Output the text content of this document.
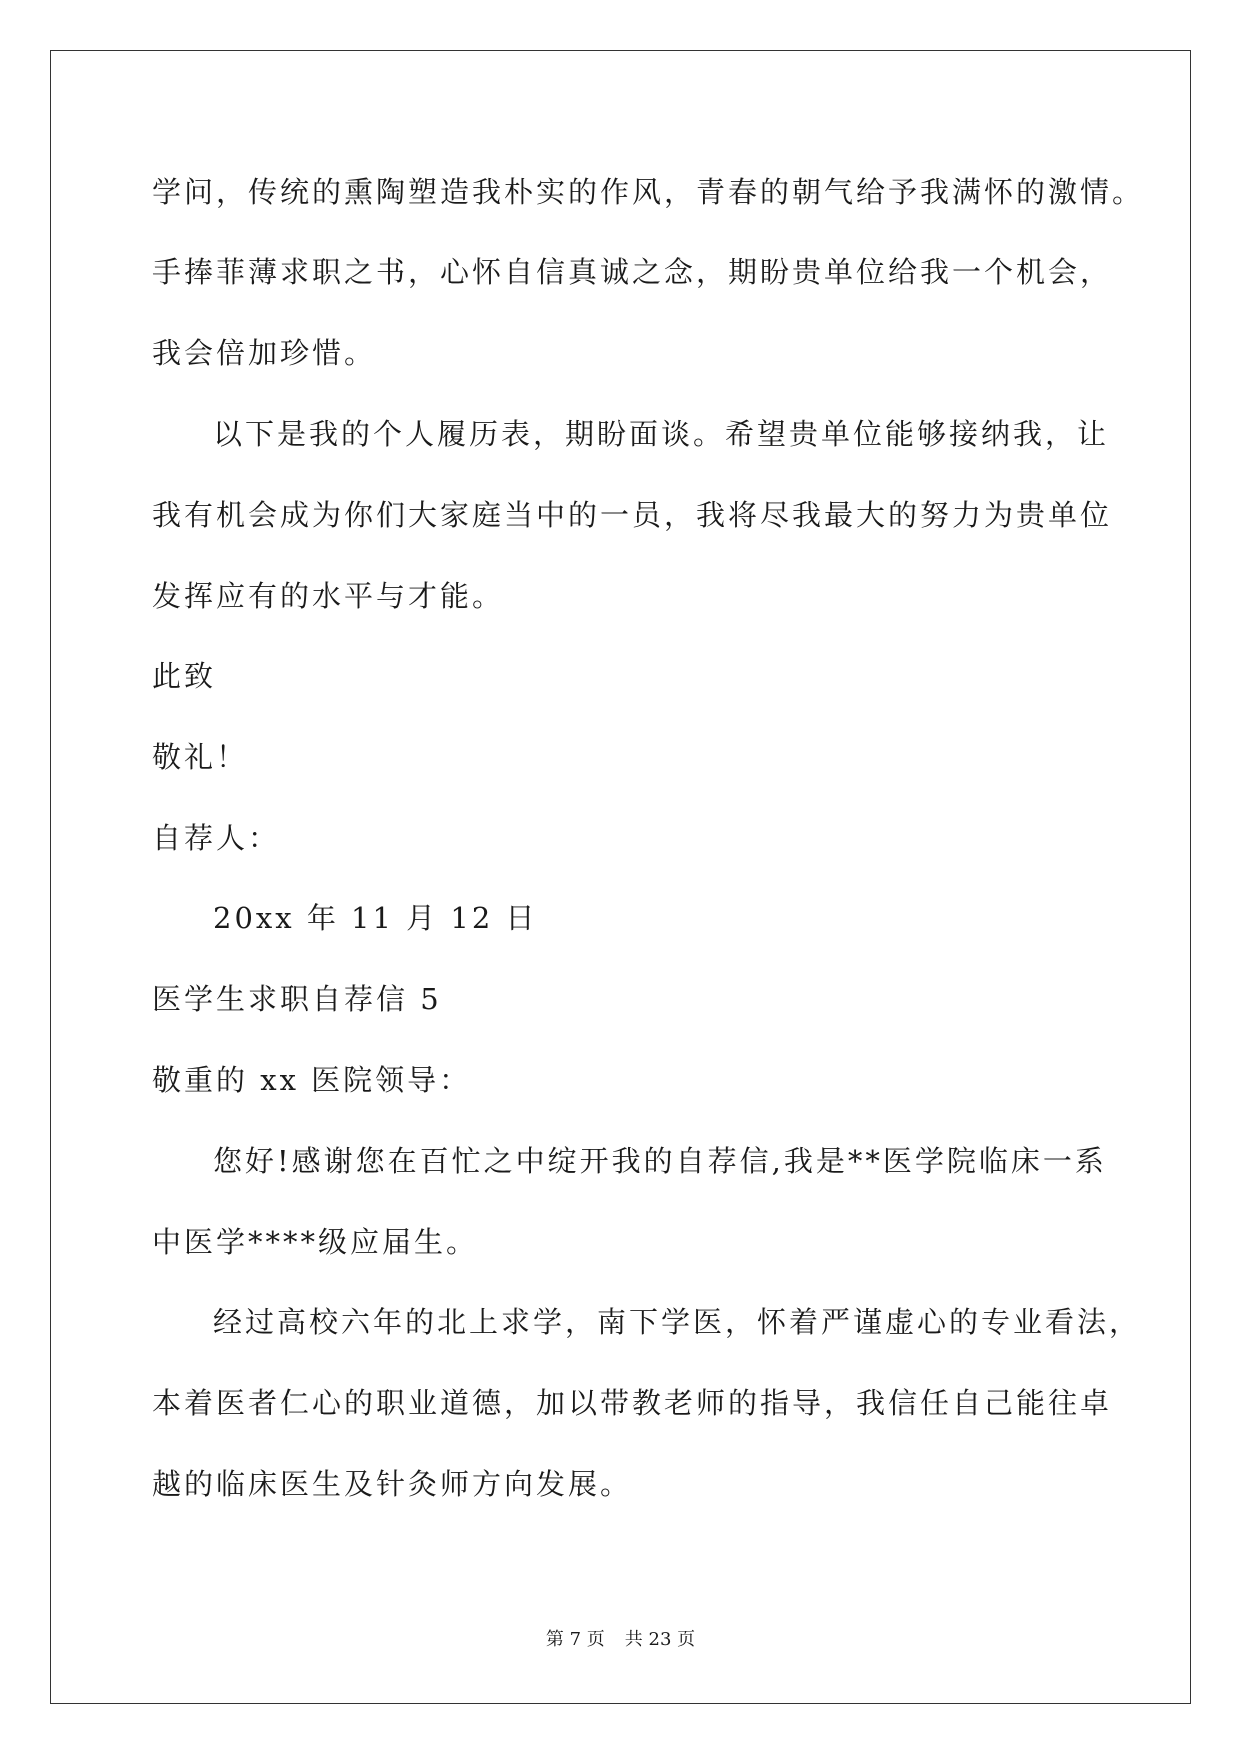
学问，传统的熏陶塑造我朴实的作风，青春的朝气给予我满怀的激情。

手捧菲薄求职之书，心怀自信真诚之念，期盼贵单位给我一个机会，

我会倍加珍惜。

以下是我的个人履历表，期盼面谈。希望贵单位能够接纳我，让

我有机会成为你们大家庭当中的一员，我将尽我最大的努力为贵单位

发挥应有的水平与才能。

此致

敬礼！

自荐人：

20xx 年 11 月 12 日

医学生求职自荐信 5

敬重的 xx 医院领导：

您好!感谢您在百忙之中绽开我的自荐信,我是**医学院临床一系

中医学****级应届生。

经过高校六年的北上求学，南下学医，怀着严谨虚心的专业看法，

本着医者仁心的职业道德，加以带教老师的指导，我信任自己能往卓

越的临床医生及针灸师方向发展。

第 7 页 共 23 页
